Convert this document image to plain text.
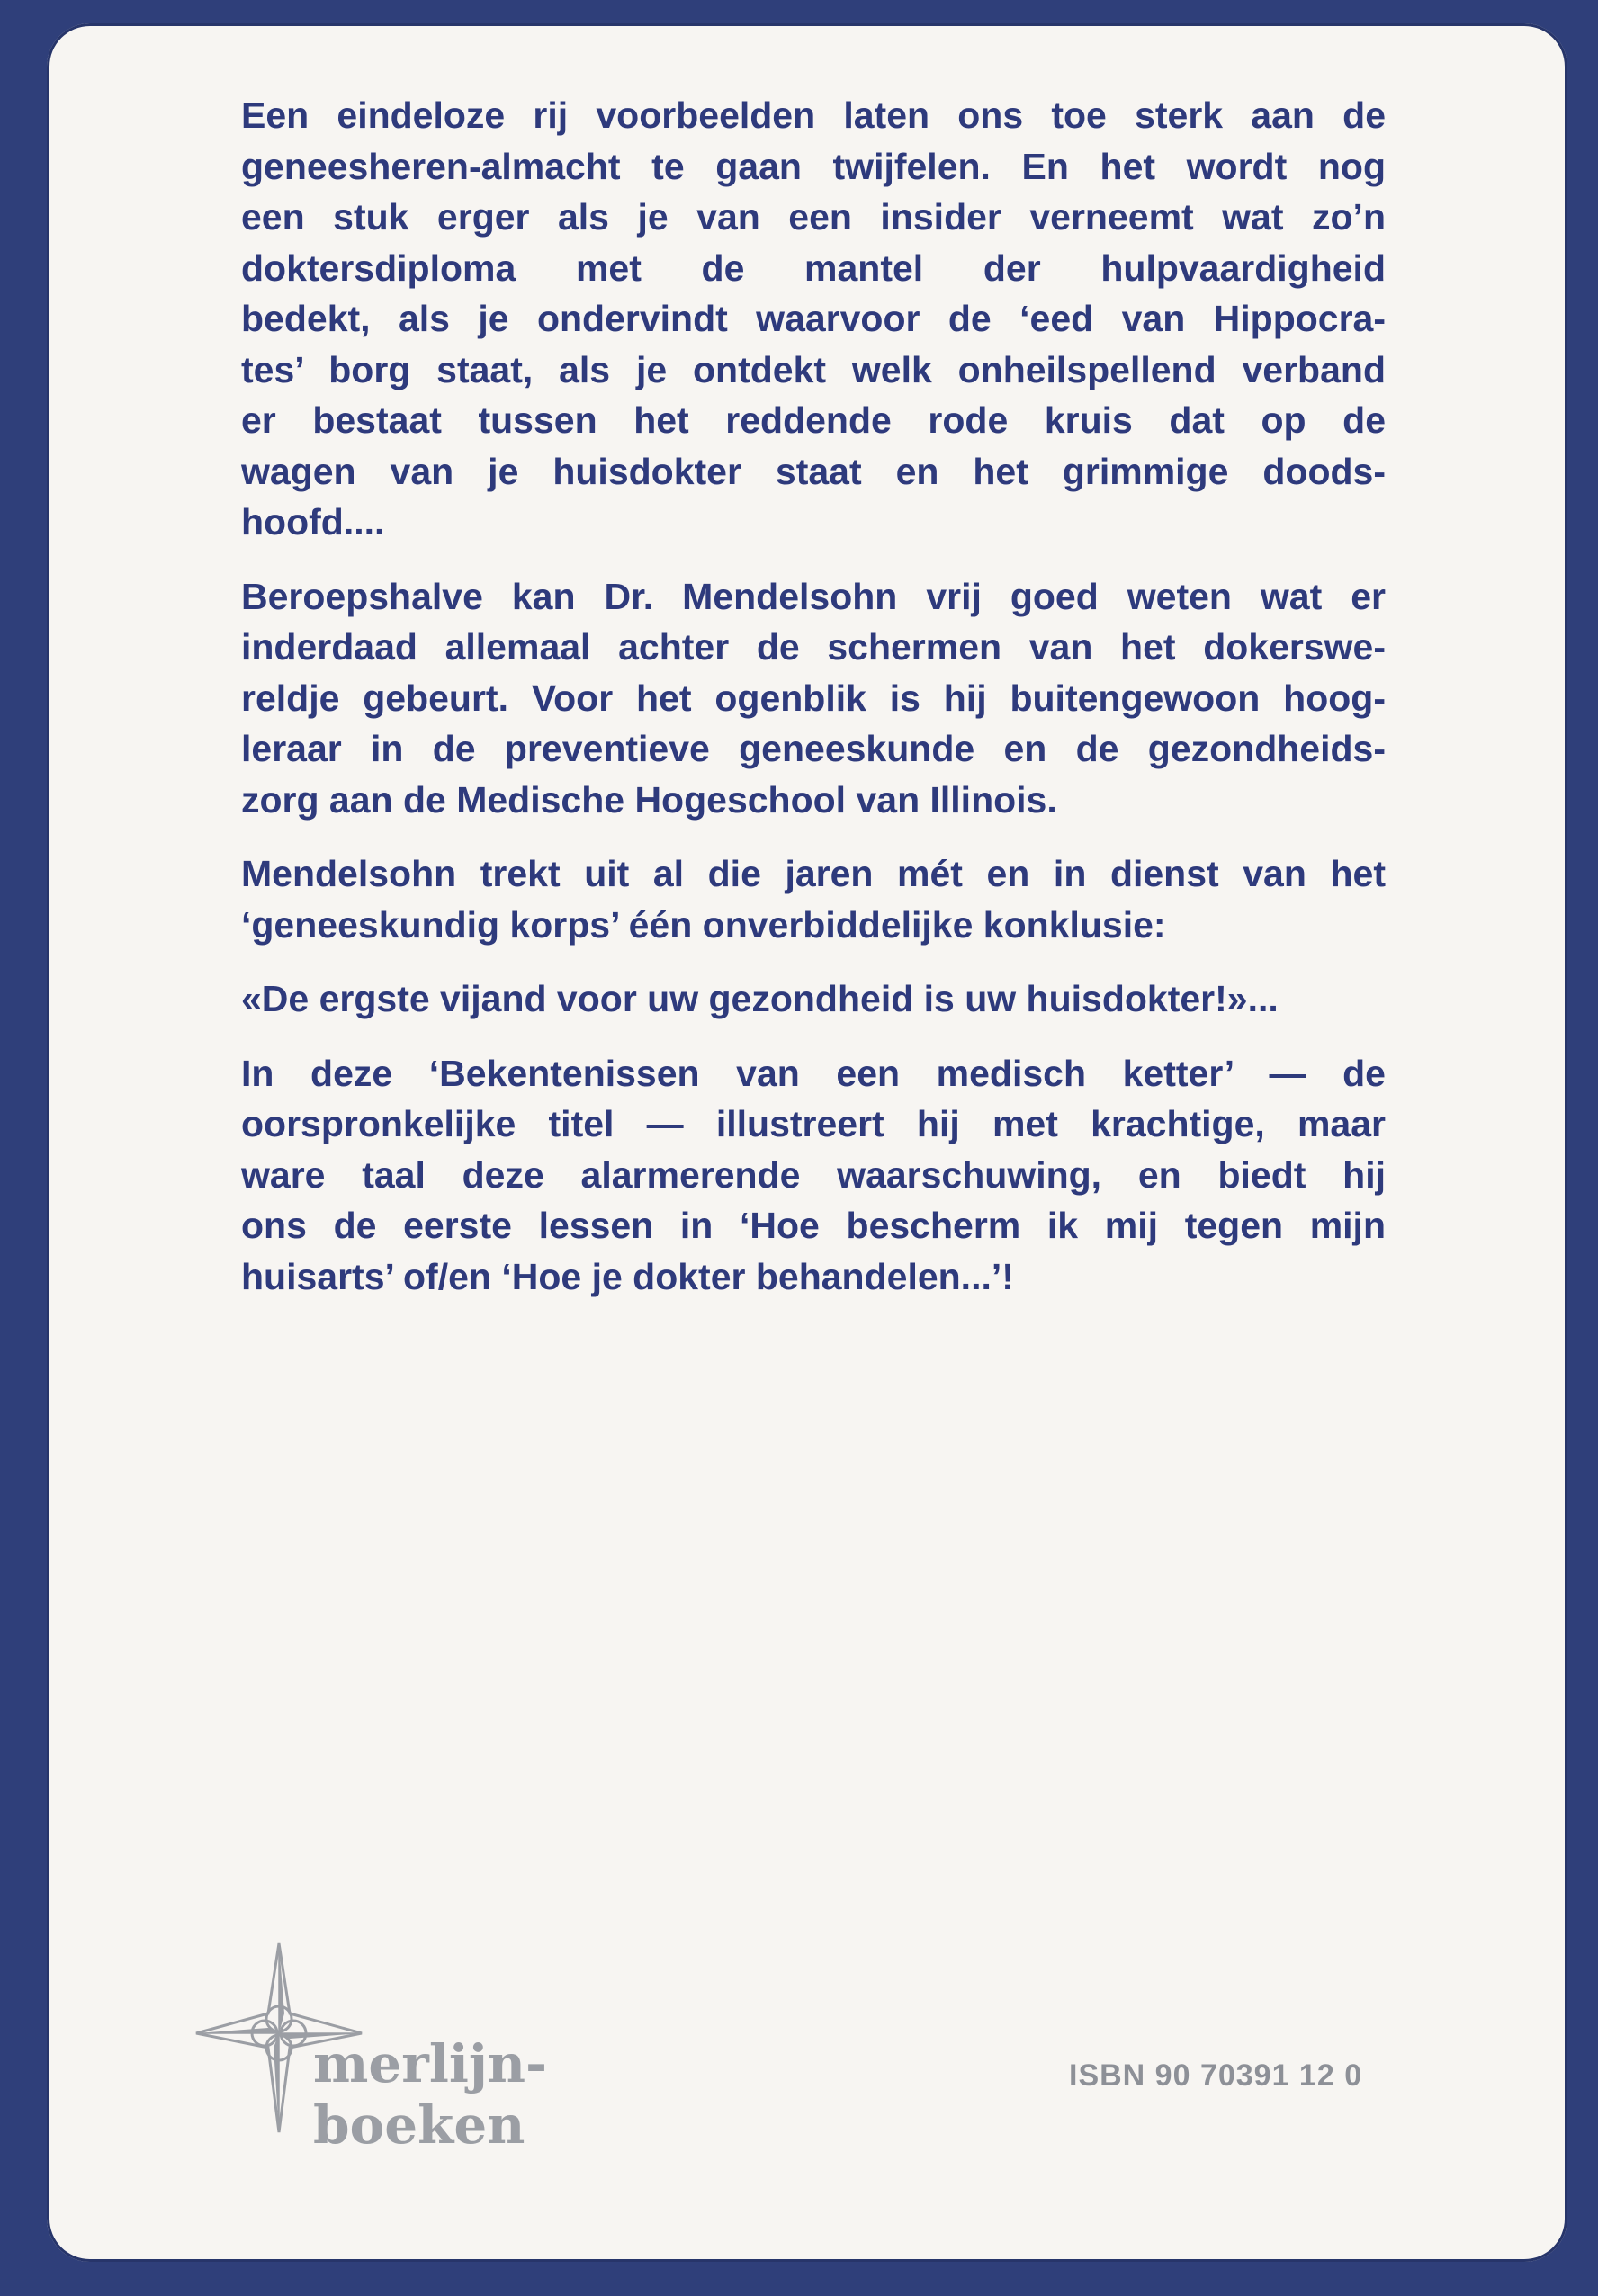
Een eindeloze rij voorbeelden laten ons toe sterk aan de
geneesheren-almacht te gaan twijfelen. En het wordt nog
een stuk erger als je van een insider verneemt wat zo’n
doktersdiploma met de mantel der hulpvaardigheid
bedekt, als je ondervindt waarvoor de ‘eed van Hippocra-
tes’ borg staat, als je ontdekt welk onheilspellend verband
er bestaat tussen het reddende rode kruis dat op de
wagen van je huisdokter staat en het grimmige doods-
hoofd....

Beroepshalve kan Dr. Mendelsohn vrij goed weten wat er
inderdaad allemaal achter de schermen van het dokerswe-
reldje gebeurt. Voor het ogenblik is hij buitengewoon hoog-
leraar in de preventieve geneeskunde en de gezondheids-
zorg aan de Medische Hogeschool van Illinois.

Mendelsohn trekt uit al die jaren mét en in dienst van het
‘geneeskundig korps’ één onverbiddelijke konklusie:

«De ergste vijand voor uw gezondheid is uw huisdokter!»...

In deze ‘Bekentenissen van een medisch ketter’ — de
oorspronkelijke titel — illustreert hij met krachtige, maar
ware taal deze alarmerende waarschuwing, en biedt hij
ons de eerste lessen in ‘Hoe bescherm ik mij tegen mijn
huisarts’ of/en ‘Hoe je dokter behandelen...’!

merlijn-boeken
ISBN 90 70391 12 0
